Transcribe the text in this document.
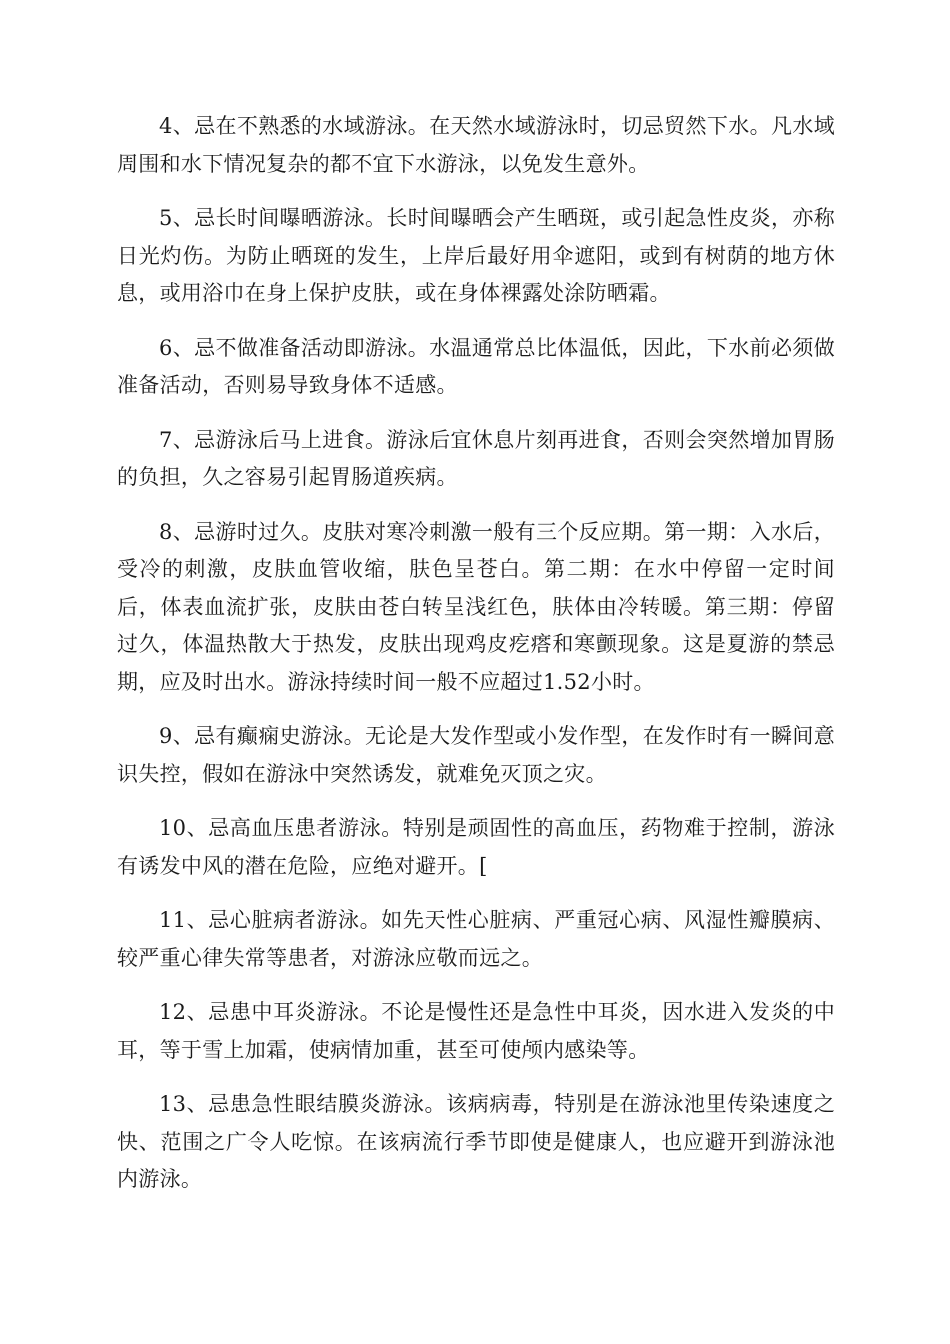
4、忌在不熟悉的水域游泳。在天然水域游泳时，切忌贸然下水。凡水域周围和水下情况复杂的都不宜下水游泳，以免发生意外。

5、忌长时间曝晒游泳。长时间曝晒会产生晒斑，或引起急性皮炎，亦称日光灼伤。为防止晒斑的发生，上岸后最好用伞遮阳，或到有树荫的地方休息，或用浴巾在身上保护皮肤，或在身体裸露处涂防晒霜。

6、忌不做准备活动即游泳。水温通常总比体温低，因此，下水前必须做准备活动，否则易导致身体不适感。

7、忌游泳后马上进食。游泳后宜休息片刻再进食，否则会突然增加胃肠的负担，久之容易引起胃肠道疾病。

8、忌游时过久。皮肤对寒冷刺激一般有三个反应期。第一期：入水后，受冷的刺激，皮肤血管收缩，肤色呈苍白。第二期：在水中停留一定时间后，体表血流扩张，皮肤由苍白转呈浅红色，肤体由冷转暖。第三期：停留过久，体温热散大于热发，皮肤出现鸡皮疙瘩和寒颤现象。这是夏游的禁忌期，应及时出水。游泳持续时间一般不应超过1.52小时。

9、忌有癫痫史游泳。无论是大发作型或小发作型，在发作时有一瞬间意识失控，假如在游泳中突然诱发，就难免灭顶之灾。

10、忌高血压患者游泳。特别是顽固性的高血压，药物难于控制，游泳有诱发中风的潜在危险，应绝对避开。[

11、忌心脏病者游泳。如先天性心脏病、严重冠心病、风湿性瓣膜病、较严重心律失常等患者，对游泳应敬而远之。

12、忌患中耳炎游泳。不论是慢性还是急性中耳炎，因水进入发炎的中耳，等于雪上加霜，使病情加重，甚至可使颅内感染等。

13、忌患急性眼结膜炎游泳。该病病毒，特别是在游泳池里传染速度之快、范围之广令人吃惊。在该病流行季节即使是健康人，也应避开到游泳池内游泳。
